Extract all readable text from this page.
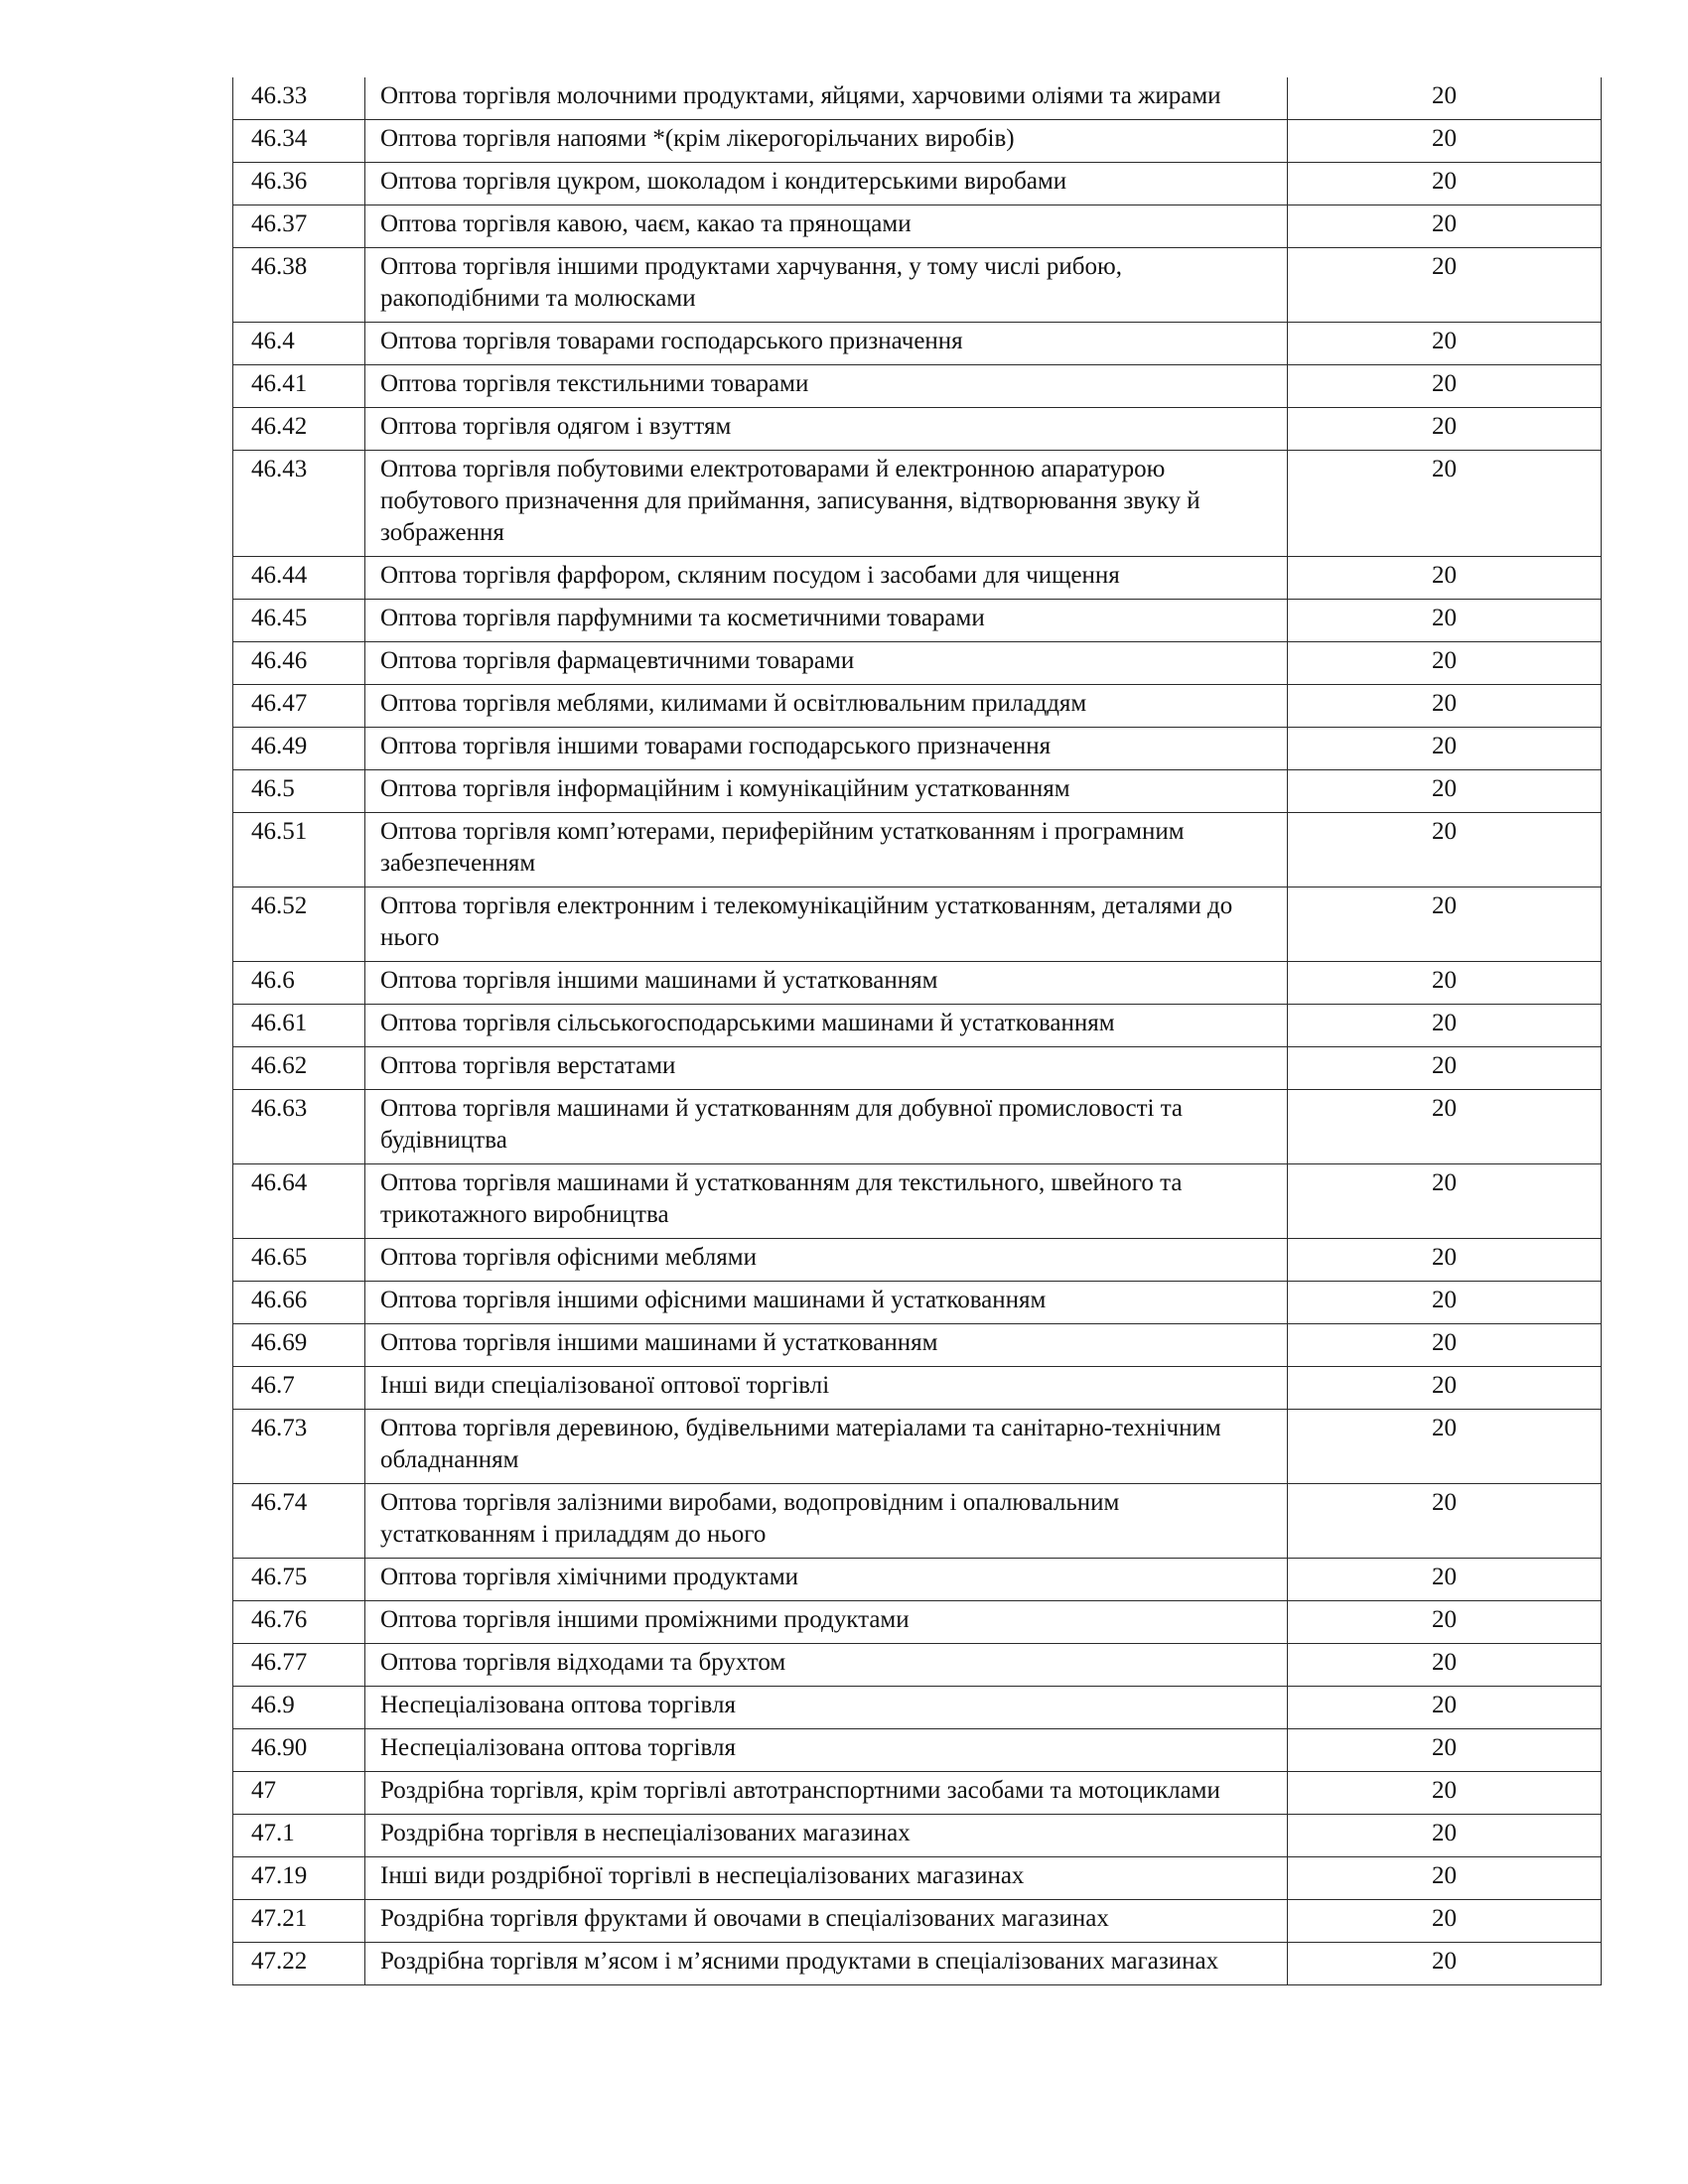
46.33	Оптова торгівля молочними продуктами, яйцями, харчовими оліями та жирами	20
46.34	Оптова торгівля напоями *(крім лікерогорільчаних виробів)	20
46.36	Оптова торгівля цукром, шоколадом і кондитерськими виробами	20
46.37	Оптова торгівля кавою, чаєм, какао та прянощами	20
46.38	Оптова торгівля іншими продуктами харчування, у тому числі рибою, ракоподібними та молюсками	20
46.4	Оптова торгівля товарами господарського призначення	20
46.41	Оптова торгівля текстильними товарами	20
46.42	Оптова торгівля одягом і взуттям	20
46.43	Оптова торгівля побутовими електротоварами й електронною апаратурою побутового призначення для приймання, записування, відтворювання звуку й зображення	20
46.44	Оптова торгівля фарфором, скляним посудом і засобами для чищення	20
46.45	Оптова торгівля парфумними та косметичними товарами	20
46.46	Оптова торгівля фармацевтичними товарами	20
46.47	Оптова торгівля меблями, килимами й освітлювальним приладдям	20
46.49	Оптова торгівля іншими товарами господарського призначення	20
46.5	Оптова торгівля інформаційним і комунікаційним устаткованням	20
46.51	Оптова торгівля комп’ютерами, периферійним устаткованням і програмним забезпеченням	20
46.52	Оптова торгівля електронним і телекомунікаційним устаткованням, деталями до нього	20
46.6	Оптова торгівля іншими машинами й устаткованням	20
46.61	Оптова торгівля сільськогосподарськими машинами й устаткованням	20
46.62	Оптова торгівля верстатами	20
46.63	Оптова торгівля машинами й устаткованням для добувної промисловості та будівництва	20
46.64	Оптова торгівля машинами й устаткованням для текстильного, швейного та трикотажного виробництва	20
46.65	Оптова торгівля офісними меблями	20
46.66	Оптова торгівля іншими офісними машинами й устаткованням	20
46.69	Оптова торгівля іншими машинами й устаткованням	20
46.7	Інші види спеціалізованої оптової торгівлі	20
46.73	Оптова торгівля деревиною, будівельними матеріалами та санітарно-технічним обладнанням	20
46.74	Оптова торгівля залізними виробами, водопровідним і опалювальним устаткованням і приладдям до нього	20
46.75	Оптова торгівля хімічними продуктами	20
46.76	Оптова торгівля іншими проміжними продуктами	20
46.77	Оптова торгівля відходами та брухтом	20
46.9	Неспеціалізована оптова торгівля	20
46.90	Неспеціалізована оптова торгівля	20
47	Роздрібна торгівля, крім торгівлі автотранспортними засобами та мотоциклами	20
47.1	Роздрібна торгівля в неспеціалізованих магазинах	20
47.19	Інші види роздрібної торгівлі в неспеціалізованих магазинах	20
47.21	Роздрібна торгівля фруктами й овочами в спеціалізованих магазинах	20
47.22	Роздрібна торгівля м’ясом і м’ясними продуктами в спеціалізованих магазинах	20
